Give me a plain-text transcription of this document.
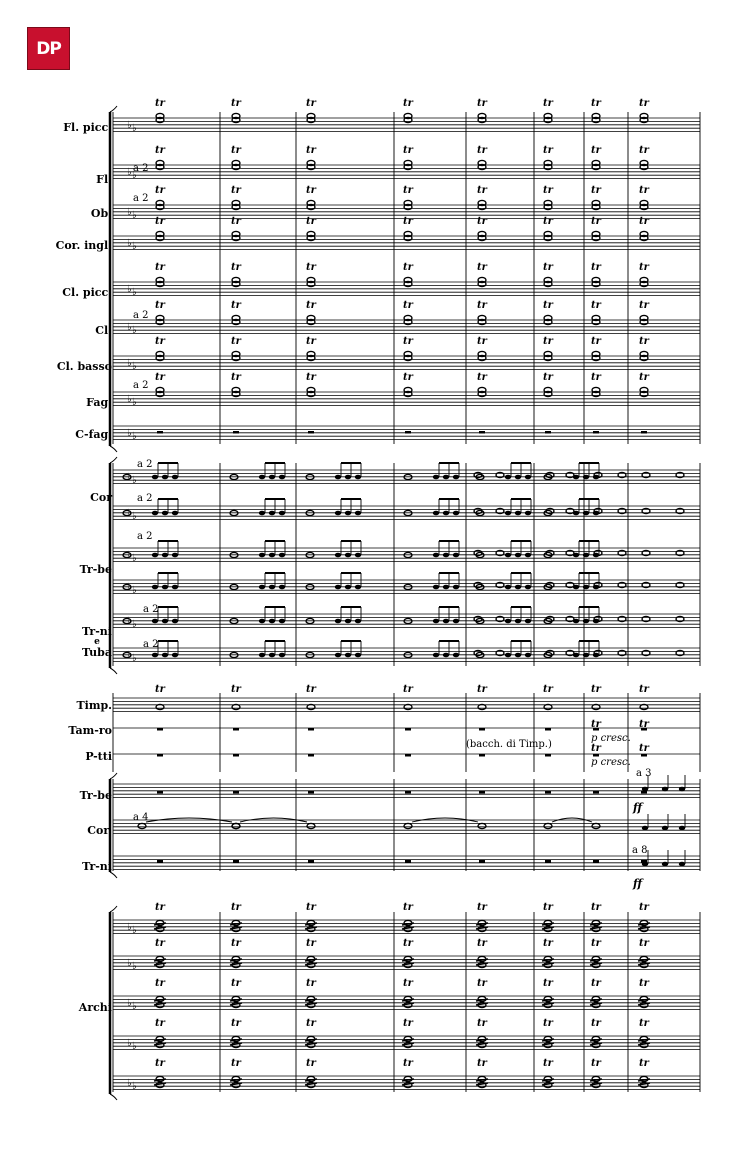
DP
♭ ♭
♭ ♭
♭ ♭
♭ ♭
♭ ♭
♭ ♭
♭ ♭
♭ ♭
♭ ♭
♭ ♭
♭ ♭
♭ ♭
♭ ♭
♭ ♭
♭ ♭
♭ ♭
♭ ♭
♭ ♭
♭ ♭
♭ ♭
tr	tr	tr	tr	tr	tr	tr	tr
tr	tr	tr	tr	tr	tr	tr	tr
tr	tr	tr	tr	tr	tr	tr	tr
tr	tr	tr	tr	tr	tr	tr	tr
tr	tr	tr	tr	tr	tr	tr	tr
tr	tr	tr	tr	tr	tr	tr	tr
tr	tr	tr	tr	tr	tr	tr	tr
tr	tr	tr	tr	tr	tr	tr	tr
tr	tr	tr	tr	tr	tr	tr	tr
tr	tr
tr	tr
tr	tr	tr	tr	tr	tr	tr	tr
tr	tr	tr	tr	tr	tr	tr	tr
tr	tr	tr	tr	tr	tr	tr	tr
tr	tr	tr	tr	tr	tr	tr	tr
tr	tr	tr	tr	tr	tr	tr	tr
Fl. picc.
Fl.
Ob.
Cor. ingl.
Cl. picc.
Cl.
Cl. basso
Fag.
C-fag.
Cor
Tr-be
Tr-ni
e
Tuba
Timp.
Tam-ro
P-tti
Tr-be
Cor.
Tr-ni
Archi
a 2
a 2
a 2
a 2
a 2
a 2
a 2
a 2
a 2
a 4
a 3
a 8
(bacch. di Timp.)
p cresc.
p cresc.
ff
ff
